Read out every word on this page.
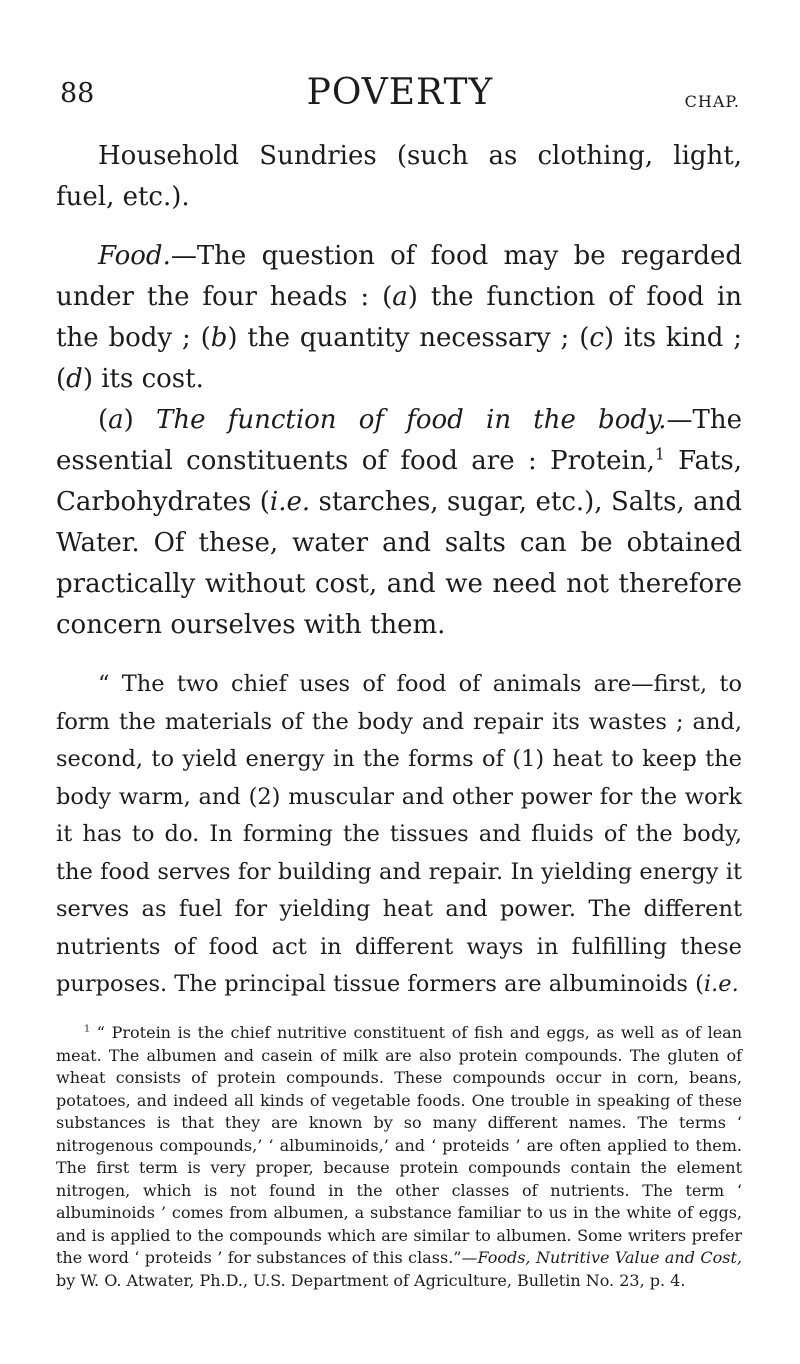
88	POVERTY	CHAP.

Household Sundries (such as clothing, light, fuel, etc.).

Food.—The question of food may be regarded under the four heads : (a) the function of food in the body ; (b) the quantity necessary ; (c) its kind ; (d) its cost.

(a) The function of food in the body.—The essential constituents of food are : Protein,$^1$ Fats, Carbohydrates (i.e. starches, sugar, etc.), Salts, and Water. Of these, water and salts can be obtained practically without cost, and we need not therefore concern ourselves with them.

“ The two chief uses of food of animals are—first, to form the materials of the body and repair its wastes ; and, second, to yield energy in the forms of (1) heat to keep the body warm, and (2) muscular and other power for the work it has to do. In forming the tissues and fluids of the body, the food serves for building and repair. In yielding energy it serves as fuel for yielding heat and power. The different nutrients of food act in different ways in fulfilling these purposes. The principal tissue formers are albuminoids (i.e.

$^1$ “ Protein is the chief nutritive constituent of fish and eggs, as well as of lean meat. The albumen and casein of milk are also protein compounds. The gluten of wheat consists of protein compounds. These compounds occur in corn, beans, potatoes, and indeed all kinds of vegetable foods. One trouble in speaking of these substances is that they are known by so many different names. The terms ‘ nitrogenous compounds,’ ‘ albuminoids,’ and ‘ proteids ’ are often applied to them. The first term is very proper, because protein compounds contain the element nitrogen, which is not found in the other classes of nutrients. The term ‘ albuminoids ’ comes from albumen, a substance familiar to us in the white of eggs, and is applied to the compounds which are similar to albumen. Some writers prefer the word ‘ proteids ’ for substances of this class.”—Foods, Nutritive Value and Cost, by W. O. Atwater, Ph.D., U.S. Department of Agriculture, Bulletin No. 23, p. 4.
